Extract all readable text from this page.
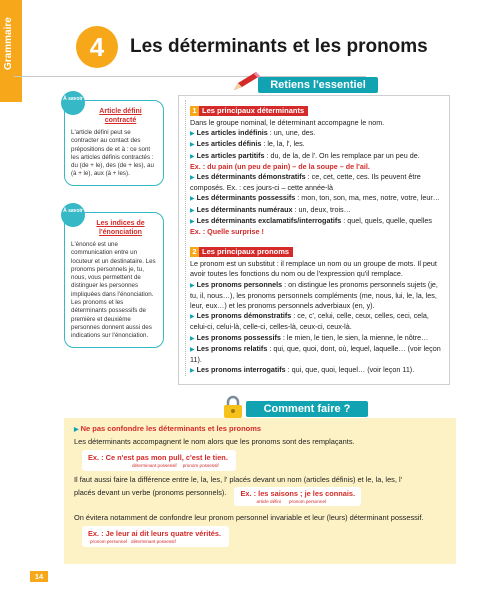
Grammaire	4	Les déterminants et les pronoms
Retiens l'essentiel
À savoir
Article défini contracté
L'article défini peut se contracter au contact des prépositions de et à : ce sont les articles définis contractés : du (de + le), des (de + les), au (à + le), aux (à + les).
À savoir
Les indices de l'énonciation
L'énoncé est une communication entre un locuteur et un destinataire. Les pronoms personnels je, tu, nous, vous permettent de distinguer les personnes impliquées dans l'énonciation.
Les pronoms et les déterminants possessifs de première et deuxième personnes donnent aussi des indications sur l'énonciation.
1 Les principaux déterminants
Dans le groupe nominal, le déterminant accompagne le nom.
▶ Les articles indéfinis : un, une, des.
▶ Les articles définis : le, la, l', les.
▶ Les articles partitifs : du, de la, de l'. On les remplace par un peu de.
Ex. : du pain (un peu de pain) – de la soupe – de l'ail.
▶ Les déterminants démonstratifs : ce, cet, cette, ces. Ils peuvent être composés. Ex. : ces jours-ci – cette année-là
▶ Les déterminants possessifs : mon, ton, son, ma, mes, notre, votre, leur…
▶ Les déterminants numéraux : un, deux, trois…
▶ Les déterminants exclamatifs/interrogatifs : quel, quels, quelle, quelles
Ex. : Quelle surprise !
2 Les principaux pronoms
Le pronom est un substitut : il remplace un nom ou un groupe de mots. Il peut avoir toutes les fonctions du nom ou de l'expression qu'il remplace.
▶ Les pronoms personnels : on distingue les pronoms personnels sujets (je, tu, il, nous…), les pronoms personnels compléments (me, nous, lui, le, la, les, leur, eux…) et les pronoms personnels adverbiaux (en, y).
▶ Les pronoms démonstratifs : ce, c', celui, celle, ceux, celles, ceci, cela, celui-ci, celui-là, celle-ci, celles-là, ceux-ci, ceux-là.
▶ Les pronoms possessifs : le mien, le tien, le sien, la mienne, le nôtre…
▶ Les pronoms relatifs : qui, que, quoi, dont, où, lequel, laquelle… (voir leçon 11).
▶ Les pronoms interrogatifs : qui, que, quoi, lequel… (voir leçon 11).
Comment faire ?
▶ Ne pas confondre les déterminants et les pronoms
Les déterminants accompagnent le nom alors que les pronoms sont des remplaçants.
Ex. : Ce n'est pas mon pull, c'est le tien.
déterminant possessif pronom possessif
Il faut aussi faire la différence entre le, la, les, l' placés devant un nom (articles définis) et le, la, les, l'
placés devant un verbe (pronoms personnels). Ex. : les saisons ; je les connais.
article défini pronom personnel
On évitera notamment de confondre leur pronom personnel invariable et leur (leurs) déterminant possessif.
Ex. : Je leur ai dit leurs quatre vérités.
pronom personnel déterminant possessif
14
